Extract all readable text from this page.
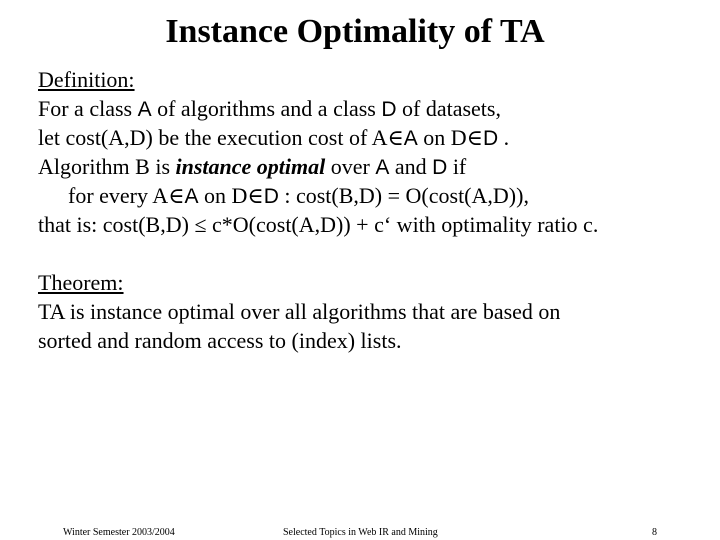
Instance Optimality of TA
Definition:
For a class A of algorithms and a class D of datasets,
let cost(A,D) be the execution cost of A∈A on D∈D .
Algorithm B is instance optimal over A and D if
for every A∈A on D∈D : cost(B,D) = O(cost(A,D)),
that is: cost(B,D) ≤ c*O(cost(A,D)) + c‘ with optimality ratio c.
Theorem:
TA is instance optimal over all algorithms that are based on
sorted and random access to (index) lists.
Winter Semester 2003/2004	Selected Topics in Web IR and Mining	8
